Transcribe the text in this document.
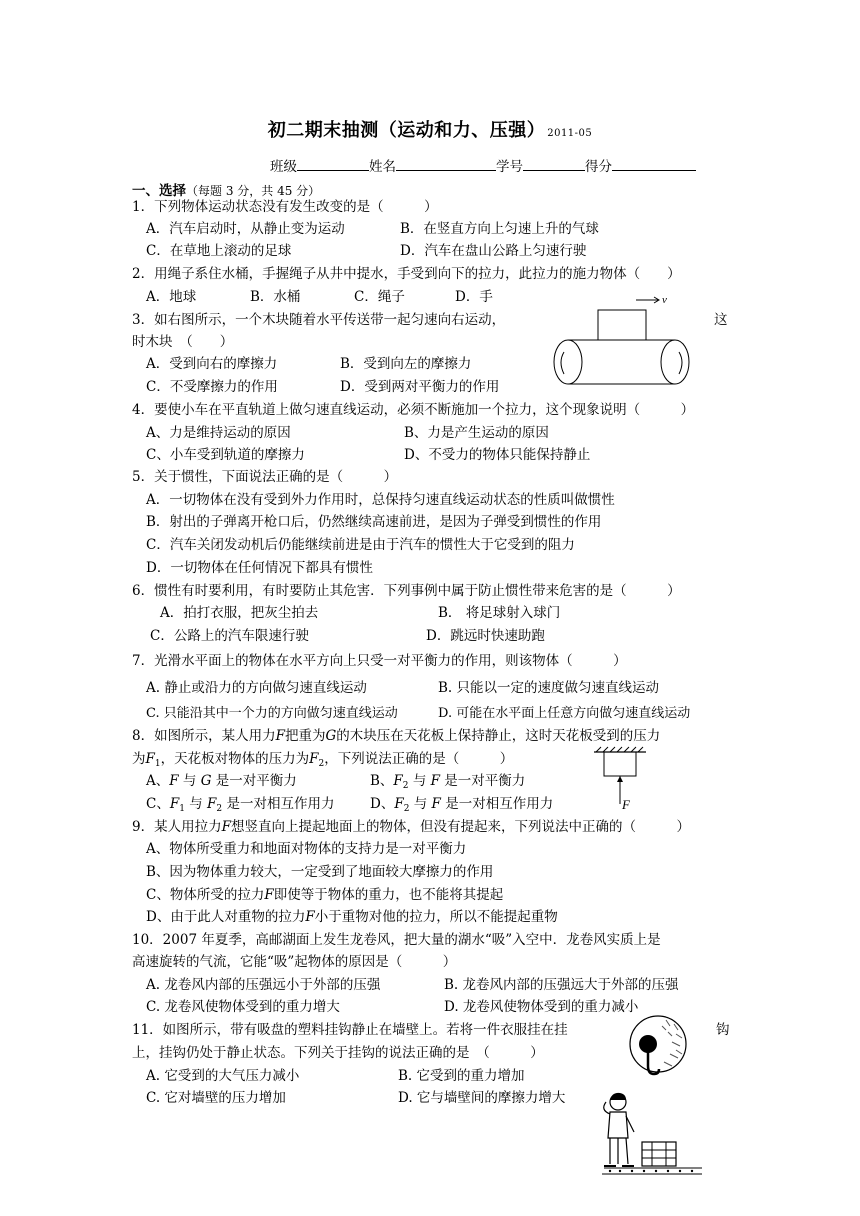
初二期末抽测（运动和力、压强） 2011-05
班级	姓名	学号	得分
一、选择（每题 3 分，共 45 分）
1．下列物体运动状态没有发生改变的是（　　　）
A．汽车启动时，从静止变为运动	B．在竖直方向上匀速上升的气球
C．在草地上滚动的足球	D．汽车在盘山公路上匀速行驶
2．用绳子系住水桶，手握绳子从井中提水，手受到向下的拉力，此拉力的施力物体（　　）
A．地球	B．水桶	C．绳子	D．手
3．如右图所示，一个木块随着水平传送带一起匀速向右运动，	这
时木块　（　　）
A．受到向右的摩擦力	B．受到向左的摩擦力
C．不受摩擦力的作用	D．受到两对平衡力的作用
v
4．要使小车在平直轨道上做匀速直线运动，必须不断施加一个拉力，这个现象说明（　　　）
A、力是维持运动的原因	B、力是产生运动的原因
C、小车受到轨道的摩擦力	D、不受力的物体只能保持静止
5．关于惯性，下面说法正确的是（　　　）
A．一切物体在没有受到外力作用时，总保持匀速直线运动状态的性质叫做惯性
B．射出的子弹离开枪口后，仍然继续高速前进，是因为子弹受到惯性的作用
C．汽车关闭发动机后仍能继续前进是由于汽车的惯性大于它受到的阻力
D．一切物体在任何情况下都具有惯性
6．惯性有时要利用，有时要防止其危害．下列事例中属于防止惯性带来危害的是（　　　）
A．拍打衣服，把灰尘拍去	B． 将足球射入球门
C．公路上的汽车限速行驶	D．跳远时快速助跑
7．光滑水平面上的物体在水平方向上只受一对平衡力的作用，则该物体（　　　）
A. 静止或沿力的方向做匀速直线运动	B. 只能以一定的速度做匀速直线运动
C. 只能沿其中一个力的方向做匀速直线运动	D. 可能在水平面上任意方向做匀速直线运动
8．如图所示，某人用力F把重为G的木块压在天花板上保持静止，这时天花板受到的压力
为$F_1$，天花板对物体的压力为$F_2$，下列说法正确的是（　　　）
A、F 与 G 是一对平衡力	B、$F_2$ 与 F 是一对平衡力
C、$F_1$ 与 $F_2$ 是一对相互作用力	D、$F_2$ 与 F 是一对相互作用力	F
9．某人用拉力F想竖直向上提起地面上的物体，但没有提起来，下列说法中正确的（　　　）
A、物体所受重力和地面对物体的支持力是一对平衡力
B、因为物体重力较大，一定受到了地面较大摩擦力的作用
C、物体所受的拉力F即使等于物体的重力，也不能将其提起
D、由于此人对重物的拉力F小于重物对他的拉力，所以不能提起重物
10．2007 年夏季，高邮湖面上发生龙卷风，把大量的湖水“吸”入空中．龙卷风实质上是
高速旋转的气流，它能“吸”起物体的原因是（　　　）
A. 龙卷风内部的压强远小于外部的压强	B. 龙卷风内部的压强远大于外部的压强
C. 龙卷风使物体受到的重力增大	D. 龙卷风使物体受到的重力减小
11．如图所示，带有吸盘的塑料挂钩静止在墙壁上。若将一件衣服挂在挂	钩
上，挂钩仍处于静止状态。下列关于挂钩的说法正确的是　（　　　）
A. 它受到的大气压力减小	B. 它受到的重力增加
C. 它对墙壁的压力增加	D. 它与墙壁间的摩擦力增大
